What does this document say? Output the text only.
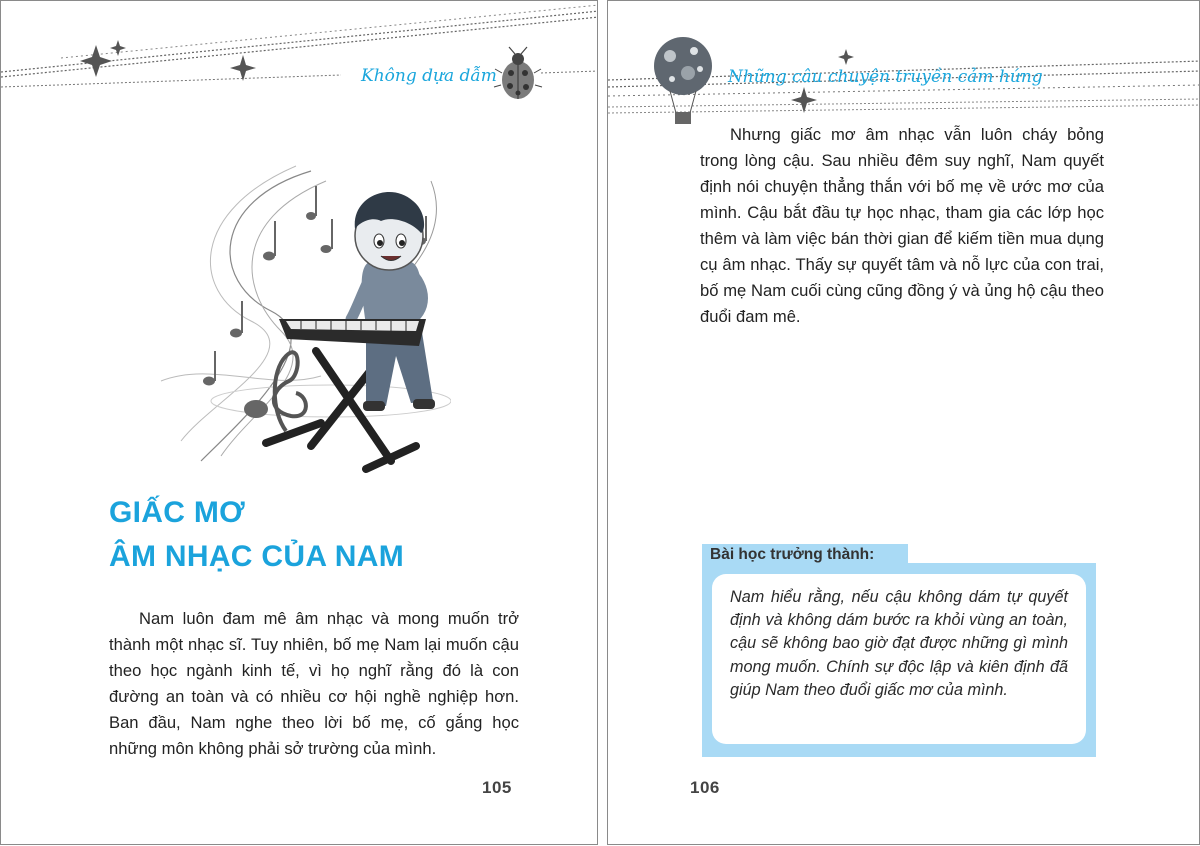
Không dựa dẫm
GIẤC MƠ
ÂM NHẠC CỦA NAM

Nam luôn đam mê âm nhạc và mong muốn trở thành một nhạc sĩ. Tuy nhiên, bố mẹ Nam lại muốn cậu theo học ngành kinh tế, vì họ nghĩ rằng đó là con đường an toàn và có nhiều cơ hội nghề nghiệp hơn. Ban đầu, Nam nghe theo lời bố mẹ, cố gắng học những môn không phải sở trường của mình.

105
Những câu chuyện truyền cảm hứng

Nhưng giấc mơ âm nhạc vẫn luôn cháy bỏng trong lòng cậu. Sau nhiều đêm suy nghĩ, Nam quyết định nói chuyện thẳng thắn với bố mẹ về ước mơ của mình. Cậu bắt đầu tự học nhạc, tham gia các lớp học thêm và làm việc bán thời gian để kiếm tiền mua dụng cụ âm nhạc. Thấy sự quyết tâm và nỗ lực của con trai, bố mẹ Nam cuối cùng cũng đồng ý và ủng hộ cậu theo đuổi đam mê.

Bài học trưởng thành:

Nam hiểu rằng, nếu cậu không dám tự quyết định và không dám bước ra khỏi vùng an toàn, cậu sẽ không bao giờ đạt được những gì mình mong muốn. Chính sự độc lập và kiên định đã giúp Nam theo đuổi giấc mơ của mình.

106
